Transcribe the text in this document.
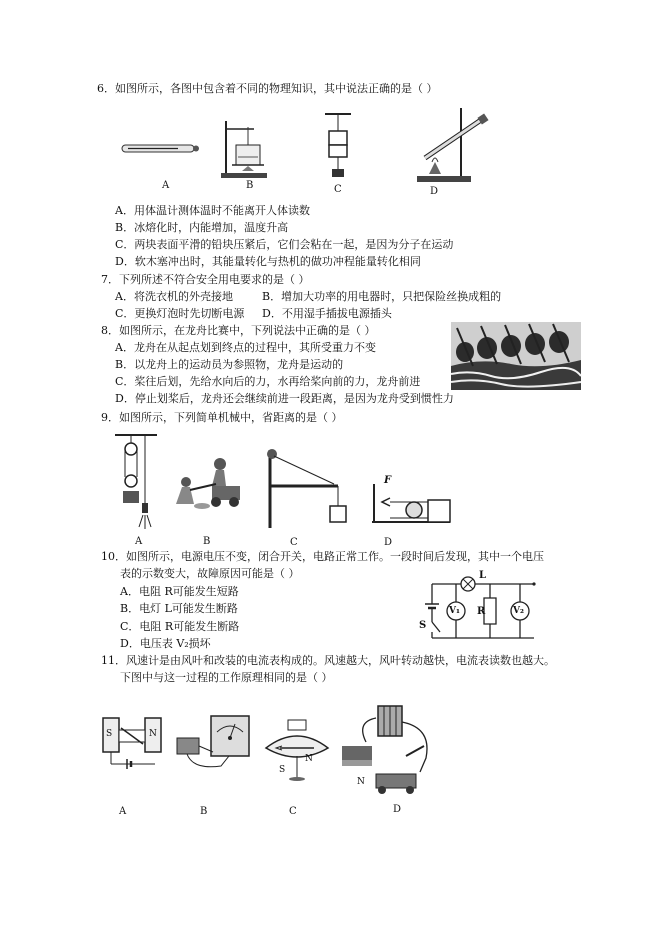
6．如图所示，各图中包含着不同的物理知识，其中说法正确的是（ ）
A	B	C	D
A．用体温计测体温时不能离开人体读数
B．冰熔化时，内能增加，温度升高
C．两块表面平滑的铅块压紧后，它们会粘在一起，是因为分子在运动
D．软木塞冲出时，其能量转化与热机的做功冲程能量转化相同
7．下列所述不符合安全用电要求的是（ ）
A．将洗衣机的外壳接地	B．增加大功率的用电器时，只把保险丝换成粗的
C．更换灯泡时先切断电源 D．不用湿手插拔电源插头
8．如图所示，在龙舟比赛中，下列说法中正确的是（ ）
A．龙舟在从起点划到终点的过程中，其所受重力不变
B．以龙舟上的运动员为参照物，龙舟是运动的
C．桨往后划，先给水向后的力，水再给桨向前的力，龙舟前进
D．停止划桨后，龙舟还会继续前进一段距离，是因为龙舟受到惯性力
9．如图所示，下列简单机械中，省距离的是（ ）
A	B	C
F
D
10．如图所示，电源电压不变，闭合开关，电路正常工作。一段时间后发现，其中一个电压
表的示数变大，故障原因可能是（ ）
A．电阻 R可能发生短路
B．电灯 L可能发生断路
C．电阻 R可能发生断路
D．电压表 V₂损坏
L
S
V₁ R	V₂
11．风速计是由风叶和改装的电流表构成的。风速越大，风叶转动越快，电流表读数也越大。
下图中与这一过程的工作原理相同的是（ ）
S	N
A	B
N
S
C
N
D
